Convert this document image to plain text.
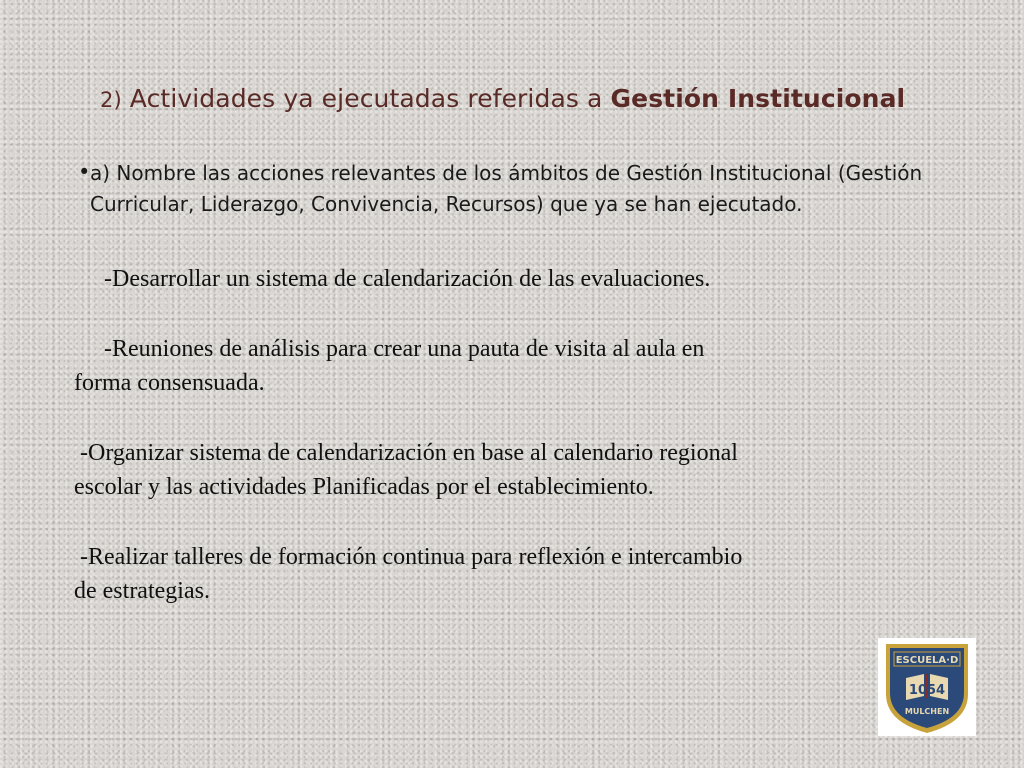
2) Actividades ya ejecutadas referidas a Gestión Institucional
• a) Nombre las acciones relevantes de los ámbitos de Gestión Institucional (Gestión Curricular, Liderazgo, Convivencia, Recursos) que ya se han ejecutado.
-Desarrollar un sistema de calendarización de las evaluaciones.
-Reuniones de análisis para crear una pauta de visita al aula en
forma consensuada.
-Organizar sistema de calendarización en base al calendario regional
escolar y las actividades Planificadas por el establecimiento.
-Realizar talleres de formación continua para reflexión e intercambio
de estrategias.
ESCUELA·D
1054
MULCHEN
